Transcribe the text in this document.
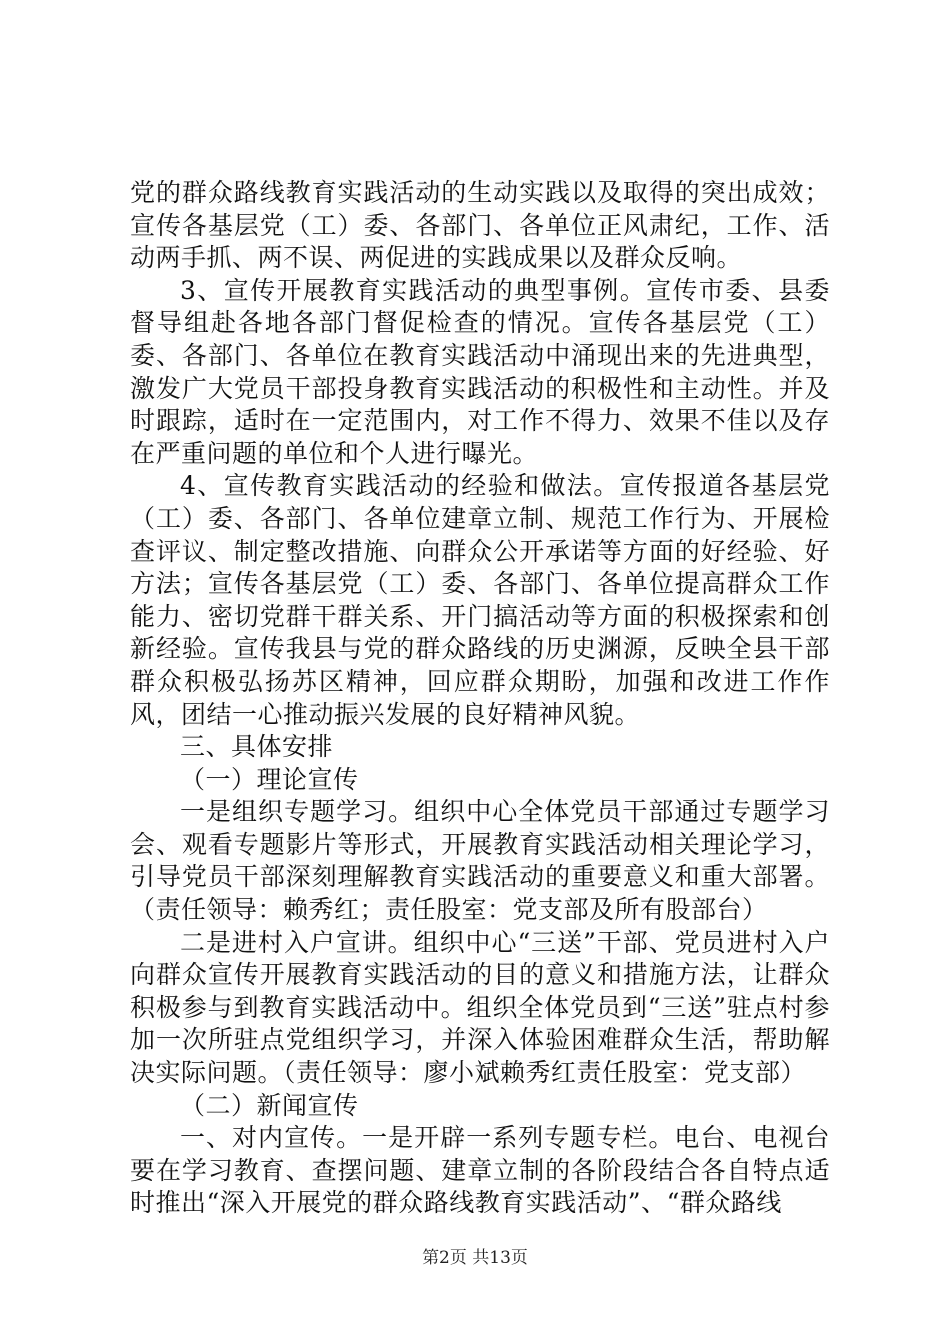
党的群众路线教育实践活动的生动实践以及取得的突出成效；宣传各基层党（工）委、各部门、各单位正风肃纪，工作、活动两手抓、两不误、两促进的实践成果以及群众反响。

3、宣传开展教育实践活动的典型事例。宣传市委、县委督导组赴各地各部门督促检查的情况。宣传各基层党（工）委、各部门、各单位在教育实践活动中涌现出来的先进典型，激发广大党员干部投身教育实践活动的积极性和主动性。并及时跟踪，适时在一定范围内，对工作不得力、效果不佳以及存在严重问题的单位和个人进行曝光。

4、宣传教育实践活动的经验和做法。宣传报道各基层党（工）委、各部门、各单位建章立制、规范工作行为、开展检查评议、制定整改措施、向群众公开承诺等方面的好经验、好方法；宣传各基层党（工）委、各部门、各单位提高群众工作能力、密切党群干群关系、开门搞活动等方面的积极探索和创新经验。宣传我县与党的群众路线的历史渊源，反映全县干部群众积极弘扬苏区精神，回应群众期盼，加强和改进工作作风，团结一心推动振兴发展的良好精神风貌。

三、具体安排

（一）理论宣传

一是组织专题学习。组织中心全体党员干部通过专题学习会、观看专题影片等形式，开展教育实践活动相关理论学习，引导党员干部深刻理解教育实践活动的重要意义和重大部署。（责任领导：赖秀红；责任股室：党支部及所有股部台）

二是进村入户宣讲。组织中心“三送”干部、党员进村入户向群众宣传开展教育实践活动的目的意义和措施方法，让群众积极参与到教育实践活动中。组织全体党员到“三送”驻点村参加一次所驻点党组织学习，并深入体验困难群众生活，帮助解决实际问题。（责任领导：廖小斌赖秀红责任股室：党支部）

（二）新闻宣传

一、对内宣传。一是开辟一系列专题专栏。电台、电视台要在学习教育、查摆问题、建章立制的各阶段结合各自特点适时推出“深入开展党的群众路线教育实践活动”、“群众路线

第2页 共13页
